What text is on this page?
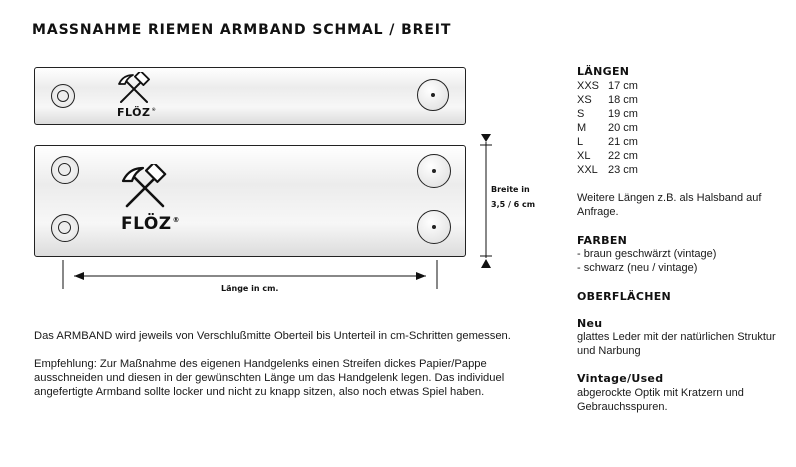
MASSNAHME RIEMEN ARMBAND SCHMAL / BREIT
FLÖZ®
FLÖZ®
Breite in
3,5 / 6 cm
Länge in cm.

Das ARMBAND wird jeweils von Verschlußmitte Oberteil bis Unterteil in cm-Schritten gemessen.

Empfehlung: Zur Maßnahme des eigenen Handgelenks einen Streifen dickes Papier/Pappe ausschneiden und diesen in der gewünschten Länge um das Handgelenk legen. Das individuel angefertigte Armband sollte locker und nicht zu knapp sitzen, also noch etwas Spiel haben.

LÄNGEN
XXS	17 cm
XS	18 cm
S	19 cm
M	20 cm
L	21 cm
XL	22 cm
XXL	23 cm
Weitere Längen z.B. als Halsband auf Anfrage.
FARBEN
- braun geschwärzt (vintage)
- schwarz (neu / vintage)
OBERFLÄCHEN
Neu
glattes Leder mit der natürlichen Struktur und Narbung
Vintage/Used
abgerockte Optik mit Kratzern und Gebrauchsspuren.
